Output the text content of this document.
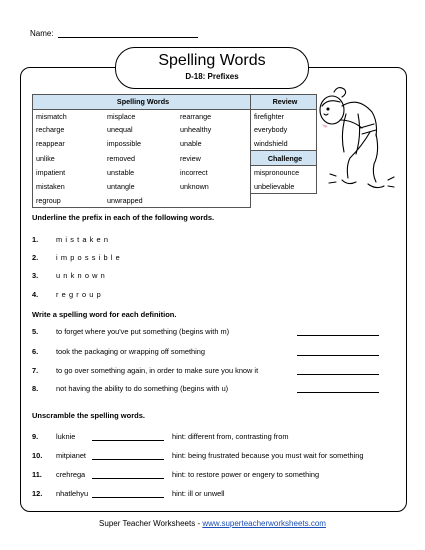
Name:
Spelling Words
D-18: Prefixes
Spelling Words			Review
mismatch	misplace	rearrange	firefighter
recharge	unequal	unhealthy	everybody
reappear	impossible	unable	windshield
unlike	removed	review	Challenge
impatient	unstable	incorrect	mispronounce
mistaken	untangle	unknown	unbelievable
regroup	unwrapped		
Underline the prefix in each of the following words.
1. mistaken
2. impossible
3. unknown
4. regroup
Write a spelling word for each definition.
5. to forget where you've put something (begins with m)
6. took the packaging or wrapping off something
7. to go over something again, in order to make sure you know it
8. not having the ability to do something (begins with u)
Unscramble the spelling words.
9. luknie	hint: different from, contrasting from
10. mitpianet	hint: being frustrated because you must wait for something
11. crehrega	hint: to restore power or engery to something
12. nhatlehyu	hint: ill or unwell
Super Teacher Worksheets - www.superteacherworksheets.com
